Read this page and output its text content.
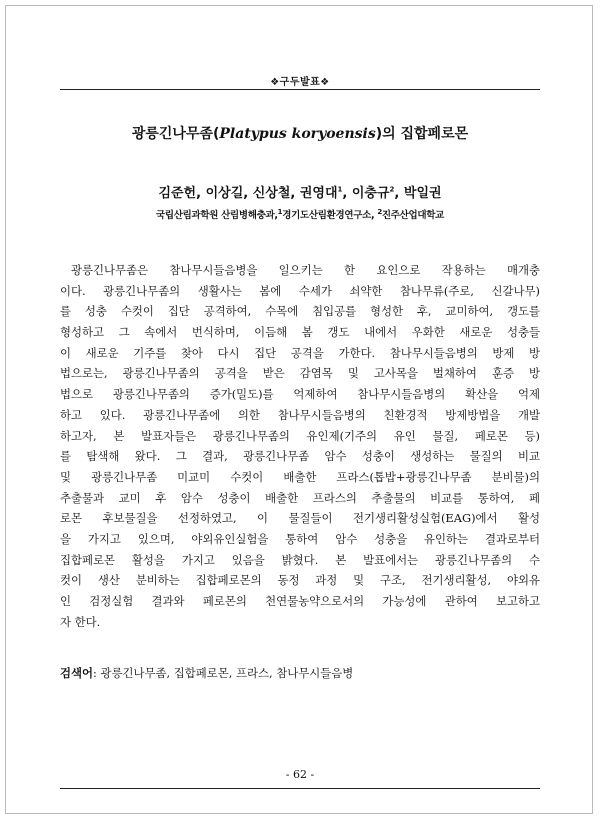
❖구두발표❖
광릉긴나무좀(Platypus koryoensis)의 집합페로몬
김준헌, 이상길, 신상철, 권영대$^1$, 이충규$^2$, 박일권
국립산림과학원 산림병해충과,$^1$경기도산림환경연구소, $^2$진주산업대학교
광릉긴나무좀은 참나무시들음병을 일으키는 한 요인으로 작용하는 매개충
이다. 광릉긴나무좀의 생활사는 봄에 수세가 쇠약한 참나무류(주로, 신갈나무)
를 성충 수컷이 집단 공격하여, 수목에 침입공를 형성한 후, 교미하여, 갱도를
형성하고 그 속에서 번식하며, 이듬해 봄 갱도 내에서 우화한 새로운 성충들
이 새로운 기주를 찾아 다시 집단 공격을 가한다. 참나무시들음병의 방제 방
법으로는, 광릉긴나무좀의 공격을 받은 감염목 및 고사목을 벌채하여 훈증 방
법으로 광릉긴나무좀의 증가(밀도)를 억제하여 참나무시들음병의 확산을 억제
하고 있다. 광릉긴나무좀에 의한 참나무시들음병의 친환경적 방제방법을 개발
하고자, 본 발표자들은 광릉긴나무좀의 유인제(기주의 유인 물질, 페로몬 등)
를 탐색해 왔다. 그 결과, 광릉긴나무좀 암수 성충이 생성하는 물질의 비교
및 광릉긴나무좀 미교미 수컷이 배출한 프라스(톱밥+광릉긴나무좀 분비물)의
추출물과 교미 후 암수 성충이 배출한 프라스의 추출물의 비교를 통하여, 페
로몬 후보물질을 선정하였고, 이 물질들이 전기생리활성실험(EAG)에서 활성
을 가지고 있으며, 야외유인실험을 통하여 암수 성충을 유인하는 결과로부터
집합페로몬 활성을 가지고 있음을 밝혔다. 본 발표에서는 광릉긴나무좀의 수
컷이 생산 분비하는 집합페로몬의 동정 과정 및 구조, 전기생리활성, 야외유
인 검정실험 결과와 페로몬의 천연물농약으로서의 가능성에 관하여 보고하고
자 한다.
검색어: 광릉긴나무좀, 집합페로몬, 프라스, 참나무시들음병
- 62 -
